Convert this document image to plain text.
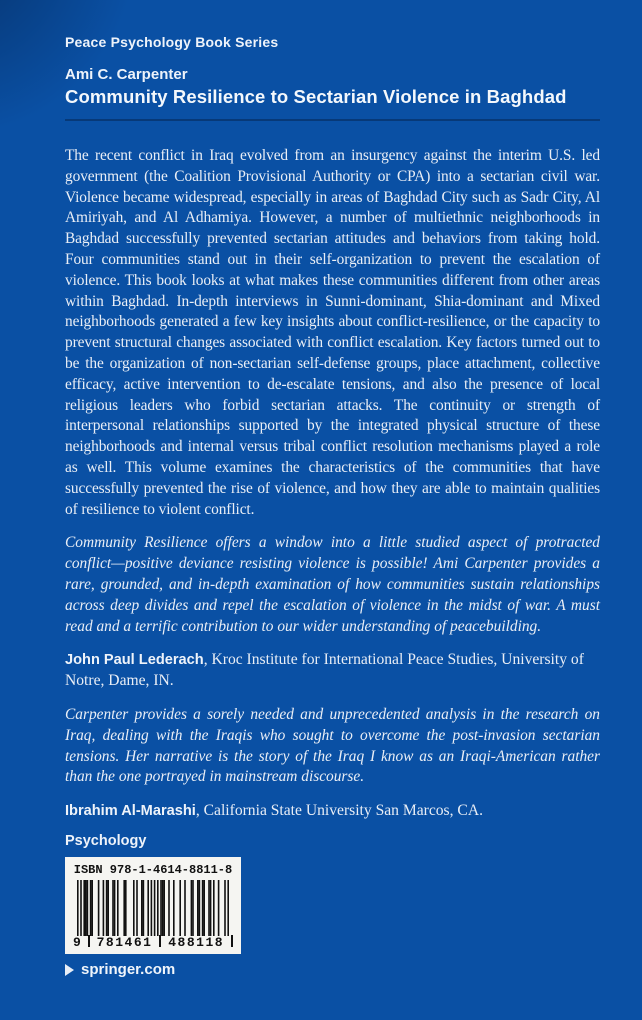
Peace Psychology Book Series
Ami C. Carpenter
Community Resilience to Sectarian Violence in Baghdad
The recent conflict in Iraq evolved from an insurgency against the interim U.S. led government (the Coalition Provisional Authority or CPA) into a sectarian civil war. Violence became widespread, especially in areas of Baghdad City such as Sadr City, Al Amiriyah, and Al Adhamiya. However, a number of multiethnic neighborhoods in Baghdad successfully prevented sectarian attitudes and behaviors from taking hold. Four communities stand out in their self-organization to prevent the escalation of violence. This book looks at what makes these communities different from other areas within Baghdad. In-depth interviews in Sunni-dominant, Shia-dominant and Mixed neighborhoods generated a few key insights about conflict-resilience, or the capacity to prevent structural changes associated with conflict escalation. Key factors turned out to be the organization of non-sectarian self-defense groups, place attachment, collective efficacy, active intervention to de-escalate tensions, and also the presence of local religious leaders who forbid sectarian attacks. The continuity or strength of interpersonal relationships supported by the integrated physical structure of these neighborhoods and internal versus tribal conflict resolution mechanisms played a role as well. This volume examines the characteristics of the communities that have successfully prevented the rise of violence, and how they are able to maintain qualities of resilience to violent conflict.
Community Resilience offers a window into a little studied aspect of protracted conflict—positive deviance resisting violence is possible! Ami Carpenter provides a rare, grounded, and in-depth examination of how communities sustain relationships across deep divides and repel the escalation of violence in the midst of war. A must read and a terrific contribution to our wider understanding of peacebuilding.
John Paul Lederach, Kroc Institute for International Peace Studies, University of Notre, Dame, IN.
Carpenter provides a sorely needed and unprecedented analysis in the research on Iraq, dealing with the Iraqis who sought to overcome the post-invasion sectarian tensions. Her narrative is the story of the Iraq I know as an Iraqi-American rather than the one portrayed in mainstream discourse.
Ibrahim Al-Marashi, California State University San Marcos, CA.
Psychology
ISBN 978-1-4614-8811-8
9 781461 488118
springer.com
